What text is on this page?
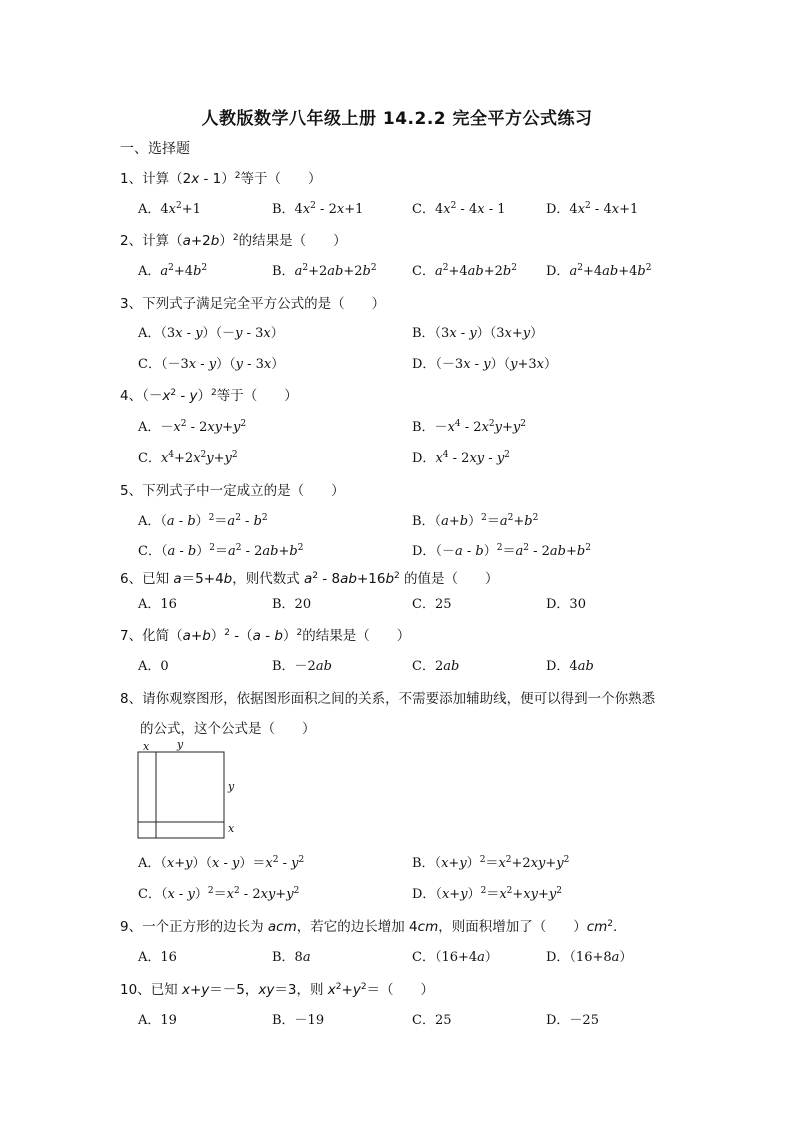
人教版数学八年级上册 14.2.2 完全平方公式练习
一、选择题
1、计算（2x - 1）$^2$等于（　　）
A．$4x^2+1$	B．$4x^2 - 2x+1$	C．$4x^2 - 4x - 1$	D．$4x^2 - 4x+1$
2、计算$(a+2b)^2$的结果是（　　）
A．$a^2+4b^2$	B．$a^2+2ab+2b^2$	C．$a^2+4ab+2b^2$ D．$a^2+4ab+4b^2$
3、下列式子满足完全平方公式的是（　　）
A．（3x - y）（－y - 3x）	B．（3x - y）（3x+y）
C．（－3x - y）（y - 3x）	D．（－3x - y）（y+3x）
4、$(-x^2 - y)^2$等于（　　）
A．$-x^2 - 2xy+y^2$	B．$-x^4 - 2x^2y+y^2$
C．$x^4+2x^2y+y^2$	D．$x^4 - 2xy - y^2$
5、下列式子中一定成立的是（　　）
A．$(a - b)^2=a^2 - b^2$	B．$(a+b)^2=a^2+b^2$
C．$(a - b)^2=a^2 - 2ab+b^2$	D．$(-a - b)^2=a^2 - 2ab+b^2$
6、已知 a＝5+4b，则代数式 $a^2 - 8ab+16b^2$ 的值是（　　）
A．16	B．20	C．25	D．30
7、化简$(a+b)^2$ -（a - b）$^2$的结果是（　　）
A．0	B．－2ab	C．2ab	D．4ab
8、请你观察图形，依据图形面积之间的关系，不需要添加辅助线，便可以得到一个你熟悉
的公式，这个公式是（　　）
x	y
y
x
A．$(x+y)(x - y)=x^2 - y^2$	B．$(x+y)^2=x^2+2xy+y^2$
C．$(x - y)^2=x^2 - 2xy+y^2$	D．$(x+y)^2=x^2+xy+y^2$
9、一个正方形的边长为 acm，若它的边长增加 4cm，则面积增加了（　　）$cm^2$.
A．16	B．8a	C．（16+4a）	D．（16+8a）
10、已知 x+y＝－5，xy＝3，则 $x^2+y^2=$（　　）
A．19	B．－19	C．25	D．－25
